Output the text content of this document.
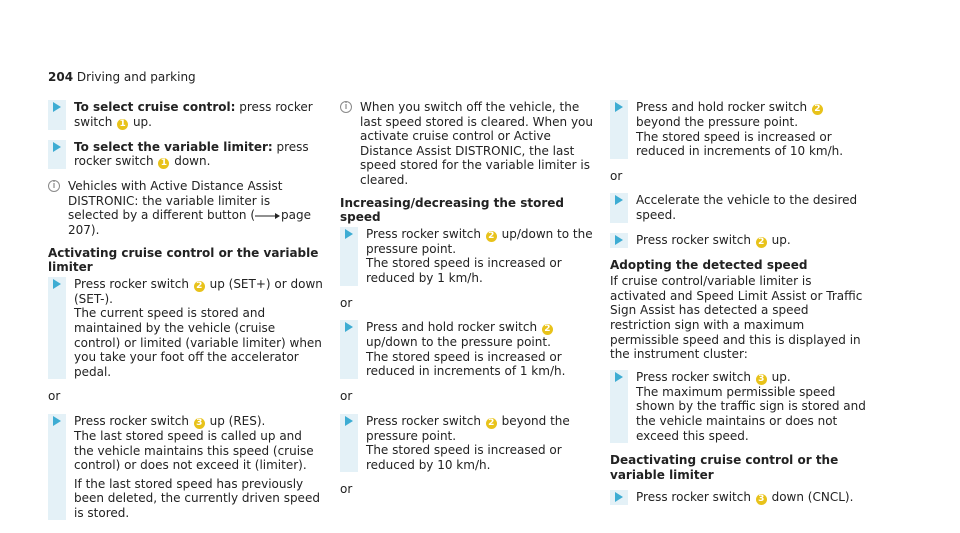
204 Driving and parking

To select cruise control: press rocker switch 1 up.

To select the variable limiter: press rocker switch 1 down.

i	Vehicles with Active Distance Assist DISTRONIC: the variable limiter is selected by a different button ( page 207).

Activating cruise control or the variable limiter

Press rocker switch 2 up (SET+) or down (SET-).

The current speed is stored and maintained by the vehicle (cruise control) or limited (variable limiter) when you take your foot off the accelerator pedal.

or

Press rocker switch 3 up (RES).

The last stored speed is called up and the vehicle maintains this speed (cruise control) or does not exceed it (limiter).

If the last stored speed has previously been deleted, the currently driven speed is stored.

i	When you switch off the vehicle, the last speed stored is cleared. When you activate cruise control or Active Distance Assist DISTRONIC, the last speed stored for the variable limiter is cleared.

Increasing/decreasing the stored speed

Press rocker switch 2 up/down to the pressure point.

The stored speed is increased or reduced by 1 km/h.

or

Press and hold rocker switch 2 up/down to the pressure point.

The stored speed is increased or reduced in increments of 1 km/h.

or

Press rocker switch 2 beyond the pressure point.

The stored speed is increased or reduced by 10 km/h.

or

Press and hold rocker switch 2 beyond the pressure point.

The stored speed is increased or reduced in increments of 10 km/h.

or

Accelerate the vehicle to the desired speed.

Press rocker switch 2 up.

Adopting the detected speed

If cruise control/variable limiter is activated and Speed Limit Assist or Traffic Sign Assist has detected a speed restriction sign with a maximum permissible speed and this is displayed in the instrument cluster:

Press rocker switch 3 up.

The maximum permissible speed shown by the traffic sign is stored and the vehicle maintains or does not exceed this speed.

Deactivating cruise control or the variable limiter

Press rocker switch 3 down (CNCL).
